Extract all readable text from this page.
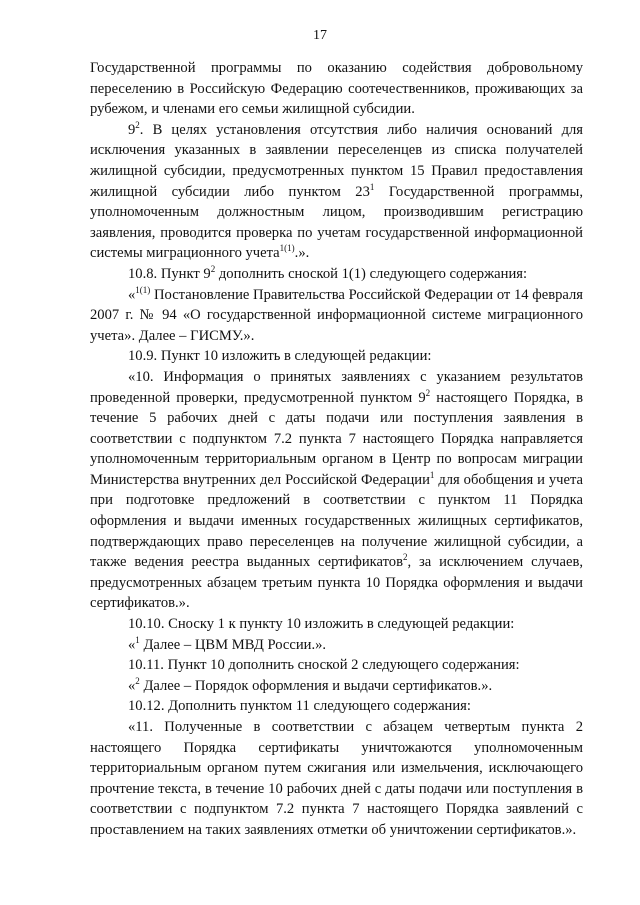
17

Государственной программы по оказанию содействия добровольному переселению в Российскую Федерацию соотечественников, проживающих за рубежом, и членами его семьи жилищной субсидии.

$9^2$. В целях установления отсутствия либо наличия оснований для исключения указанных в заявлении переселенцев из списка получателей жилищной субсидии, предусмотренных пунктом 15 Правил предоставления жилищной субсидии либо пунктом $23^1$ Государственной программы, уполномоченным должностным лицом, производившим регистрацию заявления, проводится проверка по учетам государственной информационной системы миграционного учета$^{1(1)}$.».

10.8. Пункт $9^2$ дополнить сноской 1(1) следующего содержания:

«$^{1(1)}$ Постановление Правительства Российской Федерации от 14 февраля 2007 г. № 94 «О государственной информационной системе миграционного учета». Далее – ГИСМУ.».

10.9. Пункт 10 изложить в следующей редакции:

«10. Информация о принятых заявлениях с указанием результатов проведенной проверки, предусмотренной пунктом $9^2$ настоящего Порядка, в течение 5 рабочих дней с даты подачи или поступления заявления в соответствии с подпунктом 7.2 пункта 7 настоящего Порядка направляется уполномоченным территориальным органом в Центр по вопросам миграции Министерства внутренних дел Российской Федерации$^1$ для обобщения и учета при подготовке предложений в соответствии с пунктом 11 Порядка оформления и выдачи именных государственных жилищных сертификатов, подтверждающих право переселенцев на получение жилищной субсидии, а также ведения реестра выданных сертификатов$^2$, за исключением случаев, предусмотренных абзацем третьим пункта 10 Порядка оформления и выдачи сертификатов.».

10.10. Сноску 1 к пункту 10 изложить в следующей редакции:

«$^1$ Далее – ЦВМ МВД России.».

10.11. Пункт 10 дополнить сноской 2 следующего содержания:

«$^2$ Далее – Порядок оформления и выдачи сертификатов.».

10.12. Дополнить пунктом 11 следующего содержания:

«11. Полученные в соответствии с абзацем четвертым пункта 2 настоящего Порядка сертификаты уничтожаются уполномоченным территориальным органом путем сжигания или измельчения, исключающего прочтение текста, в течение 10 рабочих дней с даты подачи или поступления в соответствии с подпунктом 7.2 пункта 7 настоящего Порядка заявлений с проставлением на таких заявлениях отметки об уничтожении сертификатов.».
